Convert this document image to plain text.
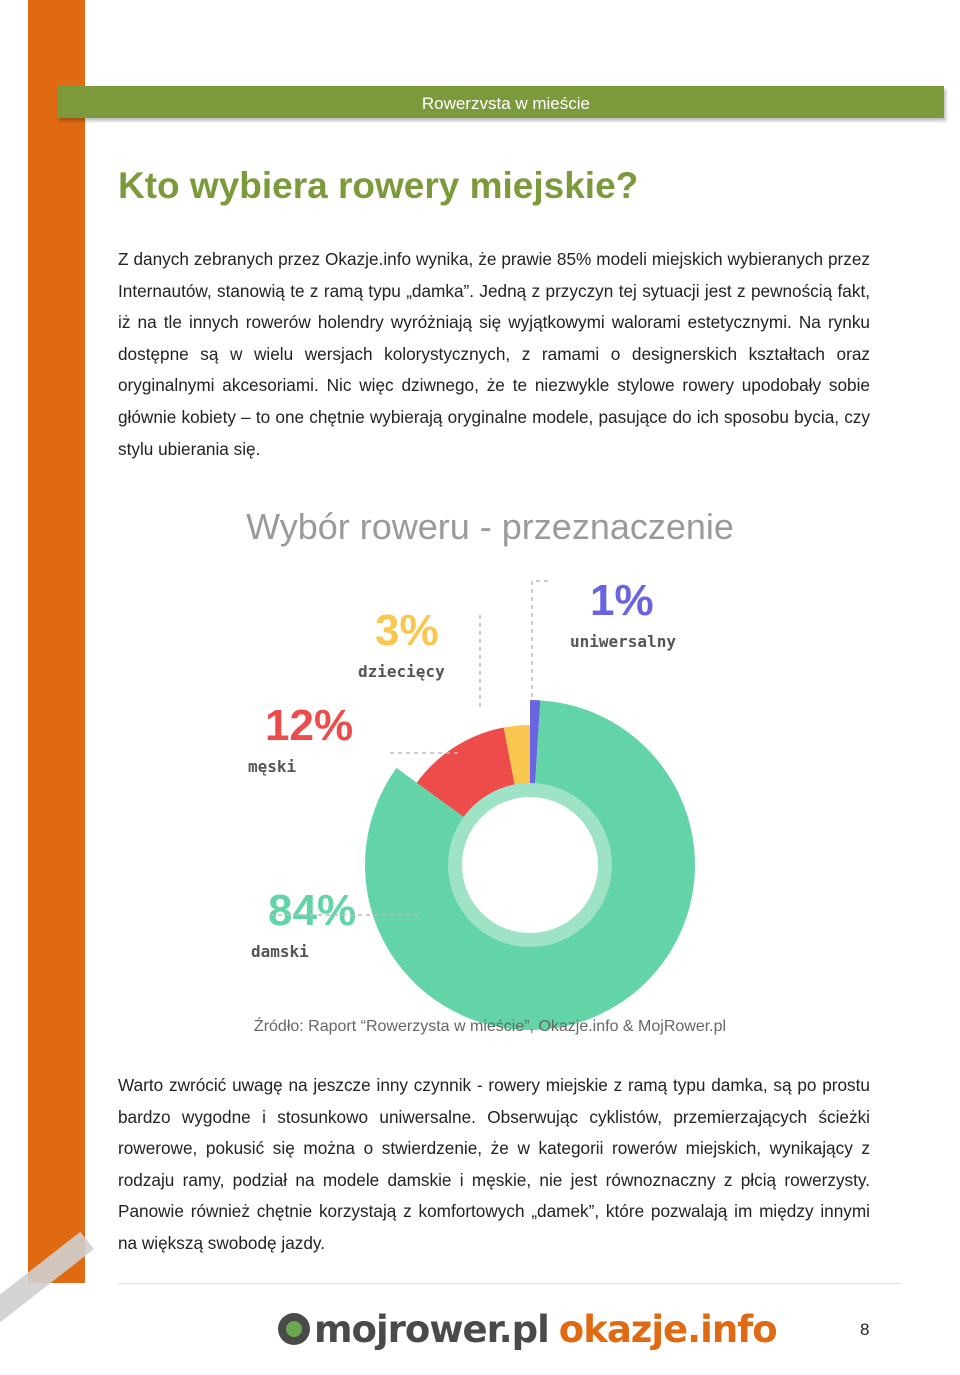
Rowerzvsta w mieście
Kto wybiera rowery miejskie?

Z danych zebranych przez Okazje.info wynika, że prawie 85% modeli miejskich wybieranych przez Internautów, stanowią te z ramą typu „damka”. Jedną z przyczyn tej sytuacji jest z pewnością fakt, iż na tle innych rowerów holendry wyróżniają się wyjątkowymi walorami estetycznymi. Na rynku dostępne są w wielu wersjach kolorystycznych, z ramami o designerskich kształtach oraz oryginalnymi akcesoriami. Nic więc dziwnego, że te niezwykle stylowe rowery upodobały sobie głównie kobiety – to one chętnie wybierają oryginalne modele, pasujące do ich sposobu bycia, czy stylu ubierania się.

Wybór roweru - przeznaczenie
1%
uniwersalny
84%
damski
12%
męski
3%
dziecięcy
Źródło: Raport “Rowerzysta w mieście”, Okazje.info & MojRower.pl

Warto zwrócić uwagę na jeszcze inny czynnik - rowery miejskie z ramą typu damka, są po prostu bardzo wygodne i stosunkowo uniwersalne. Obserwując cyklistów, przemierzających ścieżki rowerowe, pokusić się można o stwierdzenie, że w kategorii rowerów miejskich, wynikający z rodzaju ramy, podział na modele damskie i męskie, nie jest równoznaczny z płcią rowerzysty. Panowie również chętnie korzystają z komfortowych „damek”, które pozwalają im między innymi na większą swobodę jazdy.

mojrower.pl okazje.info	8
